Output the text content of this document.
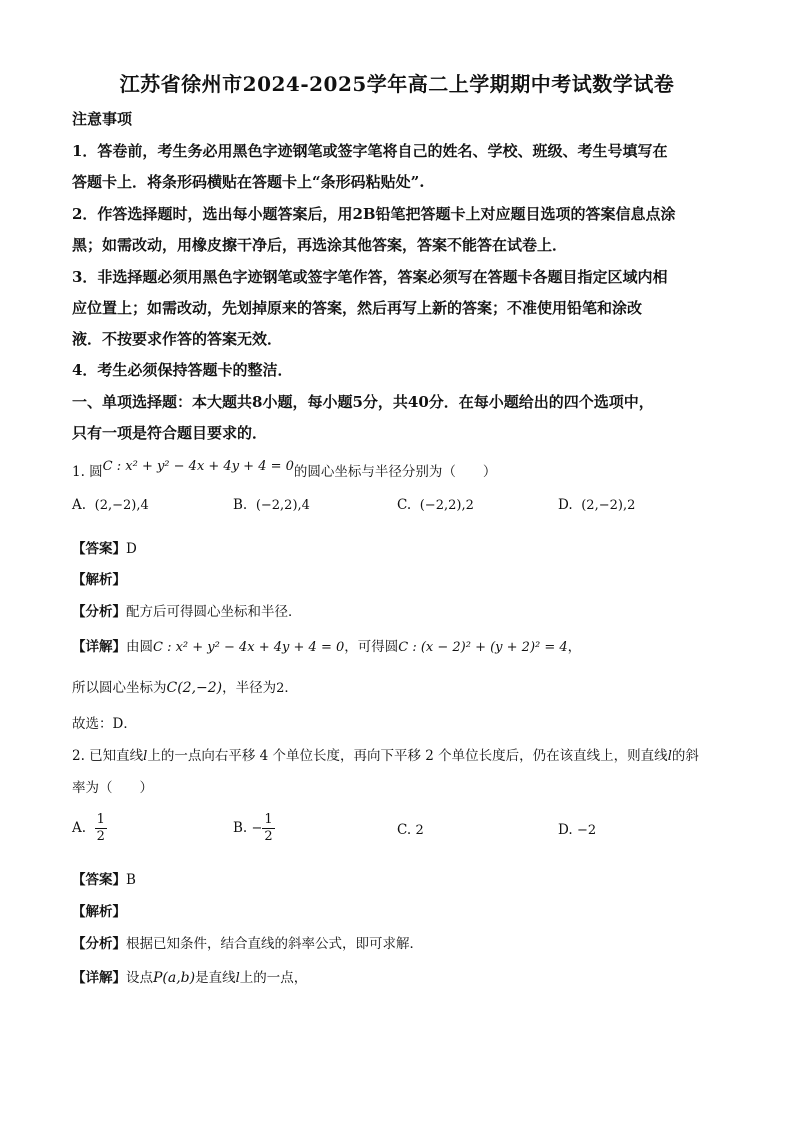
江苏省徐州市2024-2025学年高二上学期期中考试数学试卷
注意事项
1．答卷前，考生务必用黑色字迹钢笔或签字笔将自己的姓名、学校、班级、考生号填写在
答题卡上．将条形码横贴在答题卡上“条形码粘贴处”.
2．作答选择题时，选出每小题答案后，用2B铅笔把答题卡上对应题目选项的答案信息点涂
黑；如需改动，用橡皮擦干净后，再选涂其他答案，答案不能答在试卷上．
3．非选择题必须用黑色字迹钢笔或签字笔作答，答案必须写在答题卡各题目指定区域内相
应位置上；如需改动，先划掉原来的答案，然后再写上新的答案；不准使用铅笔和涂改
液．不按要求作答的答案无效．
4．考生必须保持答题卡的整洁．
一、单项选择题：本大题共8小题，每小题5分，共40分．在每小题给出的四个选项中，
只有一项是符合题目要求的．
1. 圆C : x² + y² − 4x + 4y + 4 = 0的圆心坐标与半径分别为（　　）
A. (2,−2),4	B. (−2,2),4	C. (−2,2),2	D. (2,−2),2
【答案】D
【解析】
【分析】配方后可得圆心坐标和半径．
【详解】由圆C : x² + y² − 4x + 4y + 4 = 0，可得圆C : (x − 2)² + (y + 2)² = 4，
所以圆心坐标为C(2,−2)，半径为2．
故选：D．
2. 已知直线l上的一点向右平移 4 个单位长度，再向下平移 2 个单位长度后，仍在该直线上，则直线l的斜
率为（　　）
A. $\frac{1}{2}$	B. − $\frac{1}{2}$	C. 2	D. −2
【答案】B
【解析】
【分析】根据已知条件，结合直线的斜率公式，即可求解．
【详解】设点P(a,b)是直线l上的一点，
